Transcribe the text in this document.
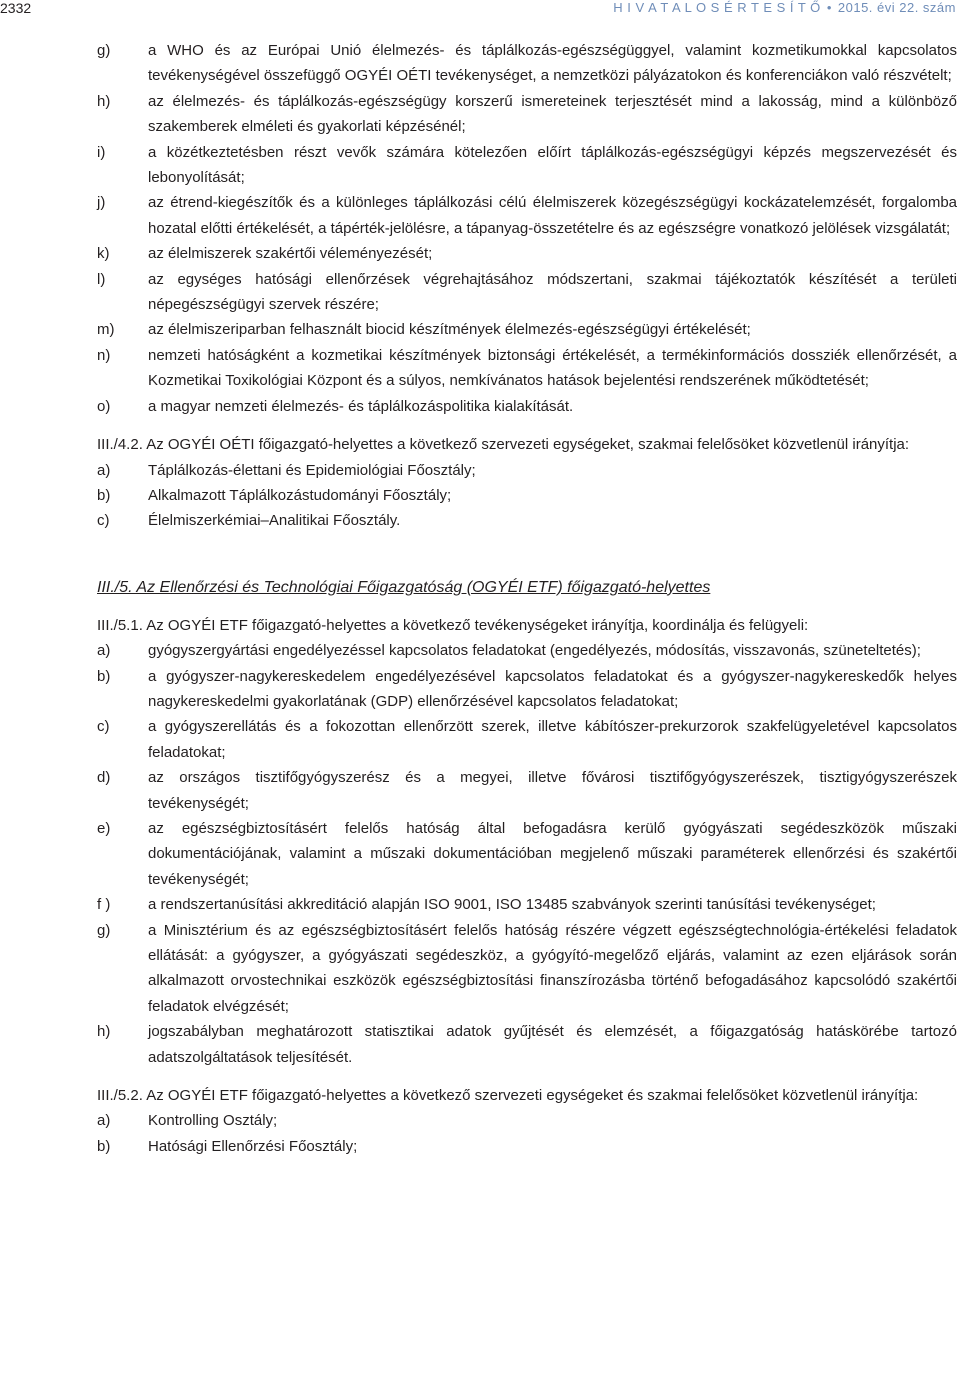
2332	H I V A T A L O S É R T E S Í T Ő • 2015. évi 22. szám
g)	a WHO és az Európai Unió élelmezés- és táplálkozás-egészségüggyel, valamint kozmetikumokkal kapcsolatos tevékenységével összefüggő OGYÉI OÉTI tevékenységet, a nemzetközi pályázatokon és konferenciákon való részvételt;
h)	az élelmezés- és táplálkozás-egészségügy korszerű ismereteinek terjesztését mind a lakosság, mind a különböző szakemberek elméleti és gyakorlati képzésénél;
i)	a közétkeztetésben részt vevők számára kötelezően előírt táplálkozás-egészségügyi képzés megszervezését és lebonyolítását;
j)	az étrend-kiegészítők és a különleges táplálkozási célú élelmiszerek közegészségügyi kockázatelemzését, forgalomba hozatal előtti értékelését, a tápérték-jelölésre, a tápanyag-összetételre és az egészségre vonatkozó jelölések vizsgálatát;
k)	az élelmiszerek szakértői véleményezését;
l)	az egységes hatósági ellenőrzések végrehajtásához módszertani, szakmai tájékoztatók készítését a területi népegészségügyi szervek részére;
m)	az élelmiszeriparban felhasznált biocid készítmények élelmezés-egészségügyi értékelését;
n)	nemzeti hatóságként a kozmetikai készítmények biztonsági értékelését, a termékinformációs dossziék ellenőrzését, a Kozmetikai Toxikológiai Központ és a súlyos, nemkívánatos hatások bejelentési rendszerének működtetését;
o)	a magyar nemzeti élelmezés- és táplálkozáspolitika kialakítását.
III./4.2. Az OGYÉI OÉTI főigazgató-helyettes a következő szervezeti egységeket, szakmai felelősöket közvetlenül irányítja:
a)	Táplálkozás-élettani és Epidemiológiai Főosztály;
b)	Alkalmazott Táplálkozástudományi Főosztály;
c)	Élelmiszerkémiai–Analitikai Főosztály.
III./5. Az Ellenőrzési és Technológiai Főigazgatóság (OGYÉI ETF) főigazgató-helyettes
III./5.1. Az OGYÉI ETF főigazgató-helyettes a következő tevékenységeket irányítja, koordinálja és felügyeli:
a)	gyógyszergyártási engedélyezéssel kapcsolatos feladatokat (engedélyezés, módosítás, visszavonás, szüneteltetés);
b)	a gyógyszer-nagykereskedelem engedélyezésével kapcsolatos feladatokat és a gyógyszer-nagykereskedők helyes nagykereskedelmi gyakorlatának (GDP) ellenőrzésével kapcsolatos feladatokat;
c)	a gyógyszerellátás és a fokozottan ellenőrzött szerek, illetve kábítószer-prekurzorok szakfelügyeletével kapcsolatos feladatokat;
d)	az országos tisztifőgyógyszerész és a megyei, illetve fővárosi tisztifőgyógyszerészek, tisztigyógyszerészek tevékenységét;
e)	az egészségbiztosításért felelős hatóság által befogadásra kerülő gyógyászati segédeszközök műszaki dokumentációjának, valamint a műszaki dokumentációban megjelenő műszaki paraméterek ellenőrzési és szakértői tevékenységét;
f )	a rendszertanúsítási akkreditáció alapján ISO 9001, ISO 13485 szabványok szerinti tanúsítási tevékenységet;
g)	a Minisztérium és az egészségbiztosításért felelős hatóság részére végzett egészségtechnológia-értékelési feladatok ellátását: a gyógyszer, a gyógyászati segédeszköz, a gyógyító-megelőző eljárás, valamint az ezen eljárások során alkalmazott orvostechnikai eszközök egészségbiztosítási finanszírozásba történő befogadásához kapcsolódó szakértői feladatok elvégzését;
h)	jogszabályban meghatározott statisztikai adatok gyűjtését és elemzését, a főigazgatóság hatáskörébe tartozó adatszolgáltatások teljesítését.
III./5.2. Az OGYÉI ETF főigazgató-helyettes a következő szervezeti egységeket és szakmai felelősöket közvetlenül irányítja:
a)	Kontrolling Osztály;
b)	Hatósági Ellenőrzési Főosztály;
